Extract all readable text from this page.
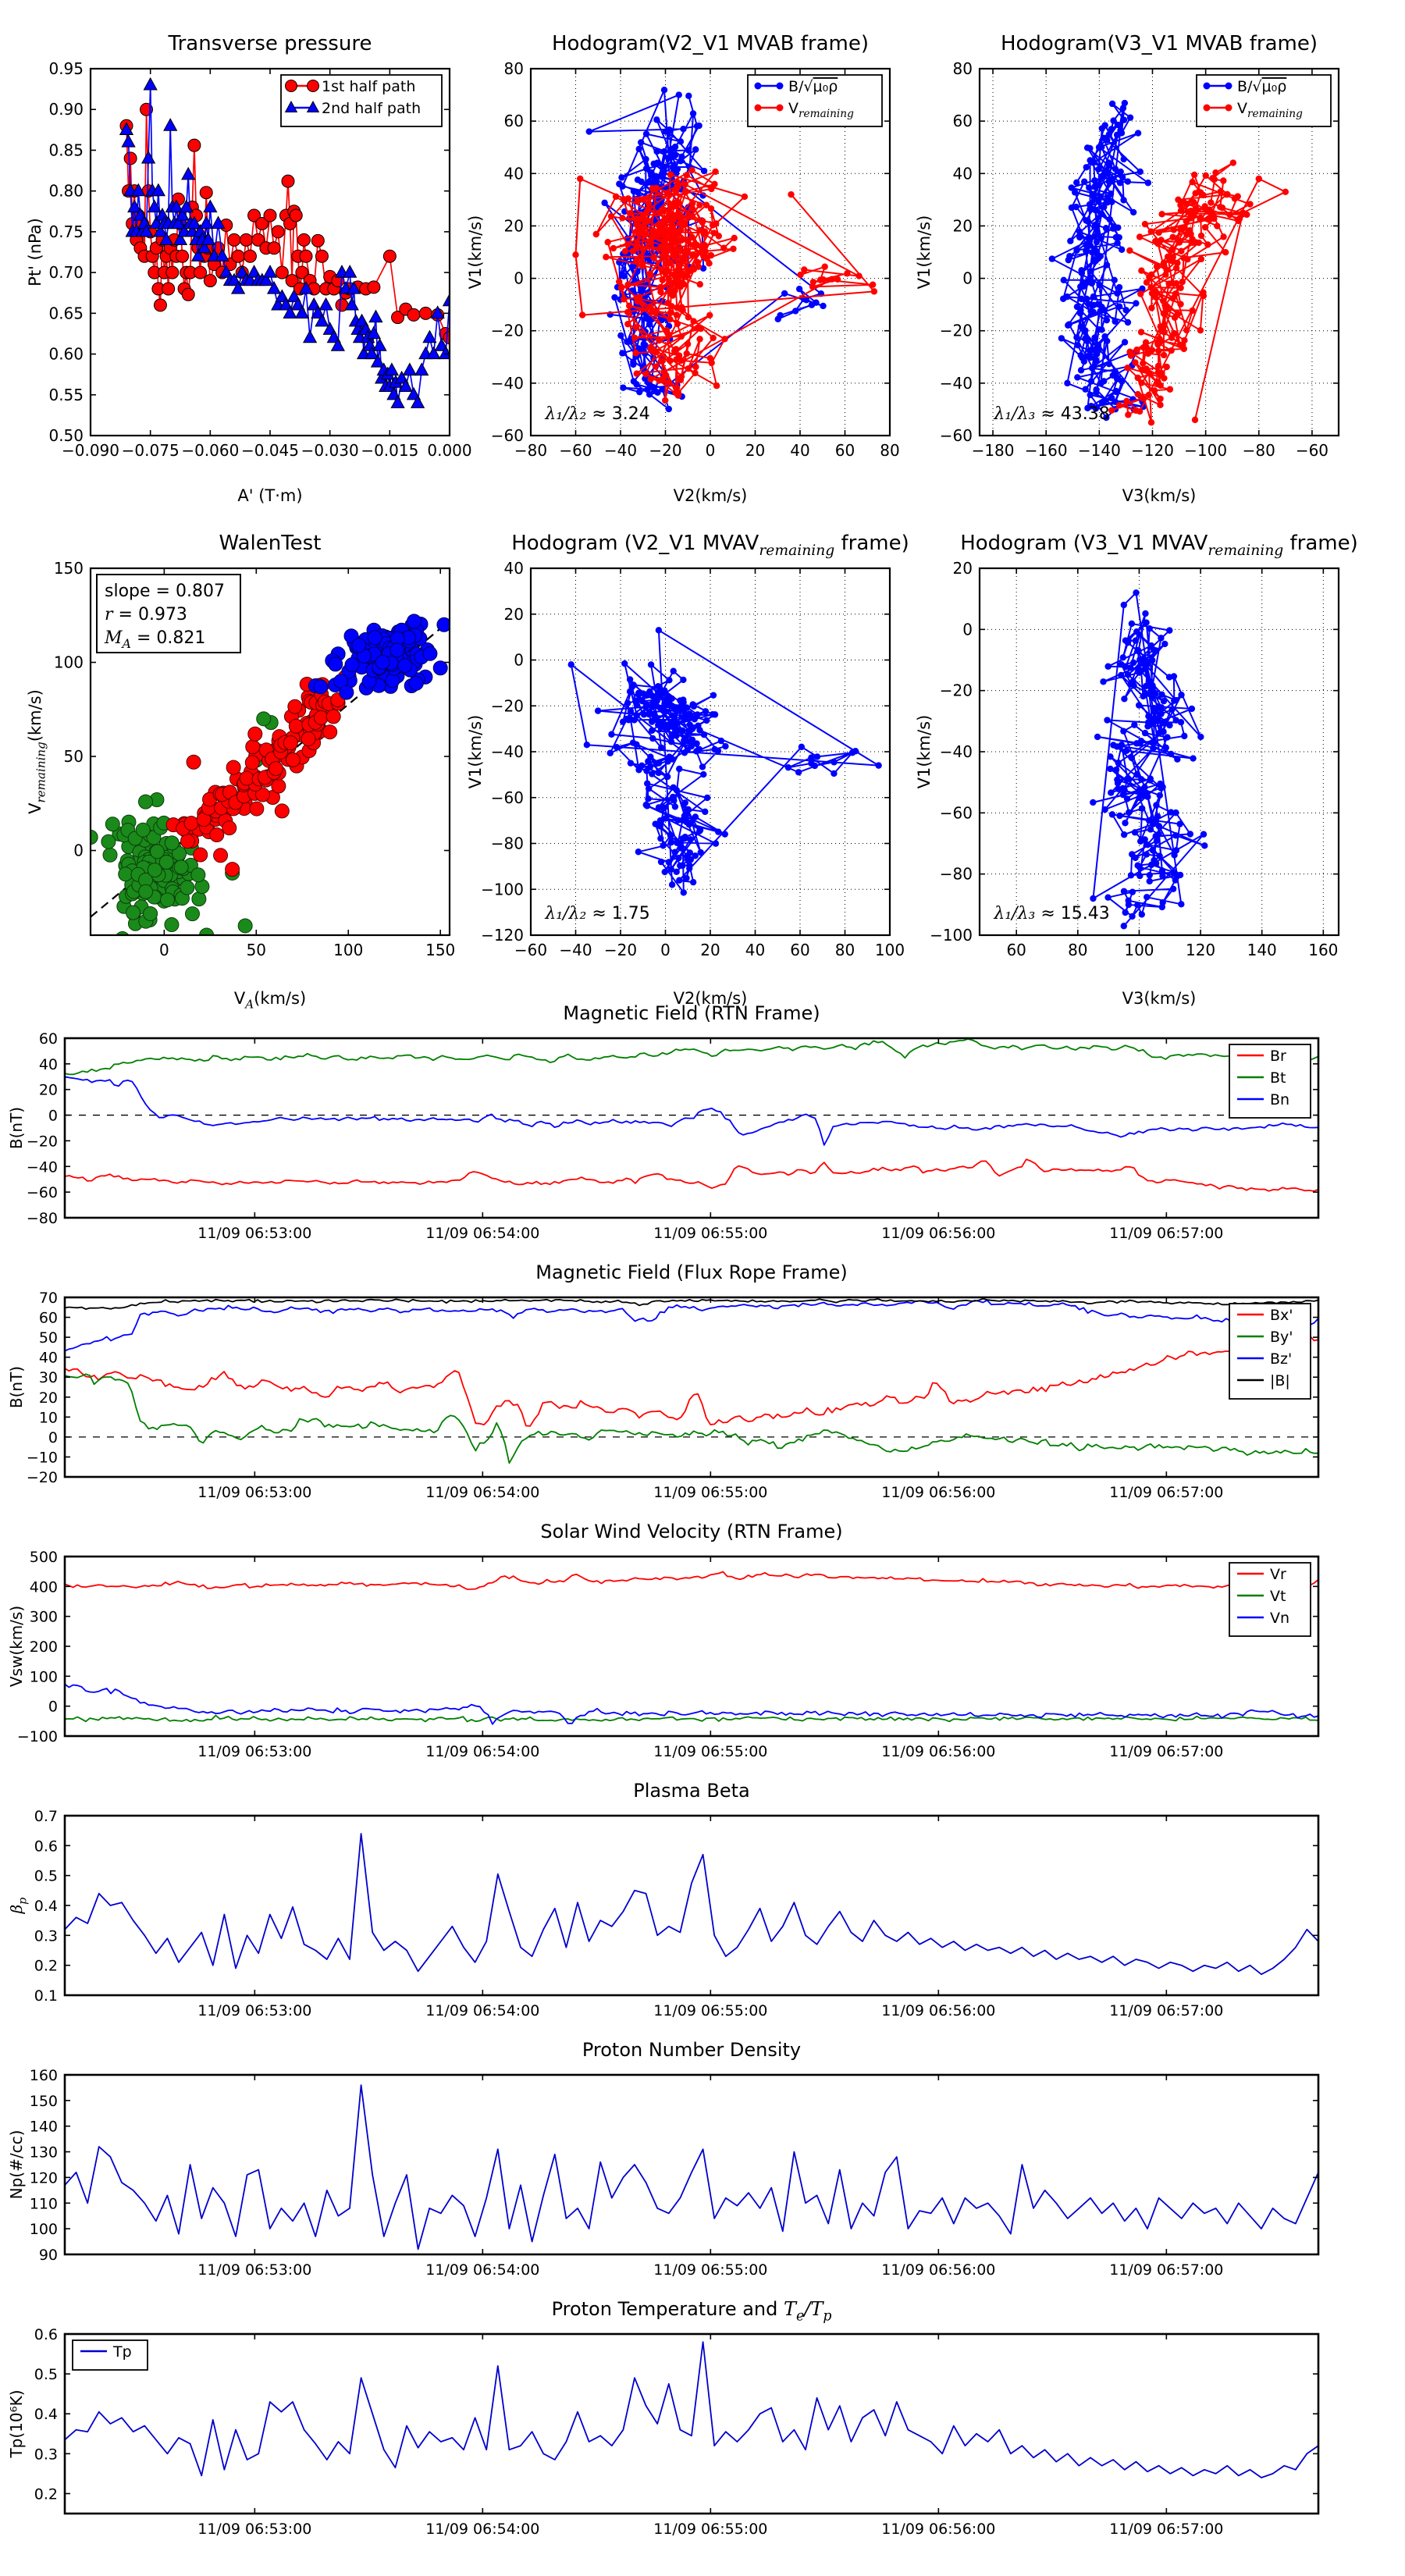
−0.090 −0.075 −0.060 −0.045 −0.030 −0.015 0.000
0.50
0.55
0.60
0.65
0.70
0.75
0.80
0.85
0.90
0.95
Transverse pressure
A' (T·m)
Pt' (nPa)
1st half path
2nd half path
−80 −60 −40 −20 0 20 40 60 80
−60
−40
−20
0
20
40
60
80
Hodogram(V2_V1 MVAB frame)
V2(km/s)
V1(km/s)
λ₁/λ₂ ≈ 3.24
B/√μ₀ρ
$V_{remaining}$
−180 −160 −140 −120 −100 −80 −60
−60
−40
−20
0
20
40
60
80
Hodogram(V3_V1 MVAB frame)
V3(km/s)
V1(km/s)
λ₁/λ₃ ≈ 43.38
B/√μ₀ρ
$V_{remaining}$
0	50	100	150
0
50
100
150
WalenTest
$V_A(km/s)$
$V_{remaining}(km/s)$
slope = 0.807
r = 0.973
$M_A = 0.821$
−60 −40 −20 0 20 40 60 80 100
−120
−100
−80
−60
−40
−20
0
20
40
Hodogram (V2_V1 $MVAV_{remaining}$ frame)
V2(km/s)
V1(km/s)
λ₁/λ₂ ≈ 1.75
60	80 100 120 140 160
−100
−80
−60
−40
−20
0
20
Hodogram (V3_V1 $MVAV_{remaining}$ frame)
V3(km/s)
V1(km/s)
λ₁/λ₃ ≈ 15.43
11/09 06:53:00	11/09 06:54:00	11/09 06:55:00	11/09 06:56:00	11/09 06:57:00
−80
−60
−40
−20
0
20
40
60
Magnetic Field (RTN Frame)
B(nT)
Br
Bt
Bn
11/09 06:53:00	11/09 06:54:00	11/09 06:55:00	11/09 06:56:00	11/09 06:57:00
−20
−10
0
10
20
30
40
50
60
70
Magnetic Field (Flux Rope Frame)
B(nT)
Bx'
By'
Bz'
|B|
11/09 06:53:00	11/09 06:54:00	11/09 06:55:00	11/09 06:56:00	11/09 06:57:00
−100
0
100
200
300
400
500
Solar Wind Velocity (RTN Frame)
Vsw(km/s)
Vr
Vt
Vn
11/09 06:53:00	11/09 06:54:00	11/09 06:55:00	11/09 06:56:00	11/09 06:57:00
0.1
0.2
0.3
0.4
0.5
0.6
0.7
Plasma Beta
$\beta_p$
11/09 06:53:00	11/09 06:54:00	11/09 06:55:00	11/09 06:56:00	11/09 06:57:00
90
100
110
120
130
140
150
160
Proton Number Density
Np(#/cc)
11/09 06:53:00	11/09 06:54:00	11/09 06:55:00	11/09 06:56:00	11/09 06:57:00
0.2
0.3
0.4
0.5
0.6
Proton Temperature and $T_e/T_p$
Tp(10⁶K)
Tp
